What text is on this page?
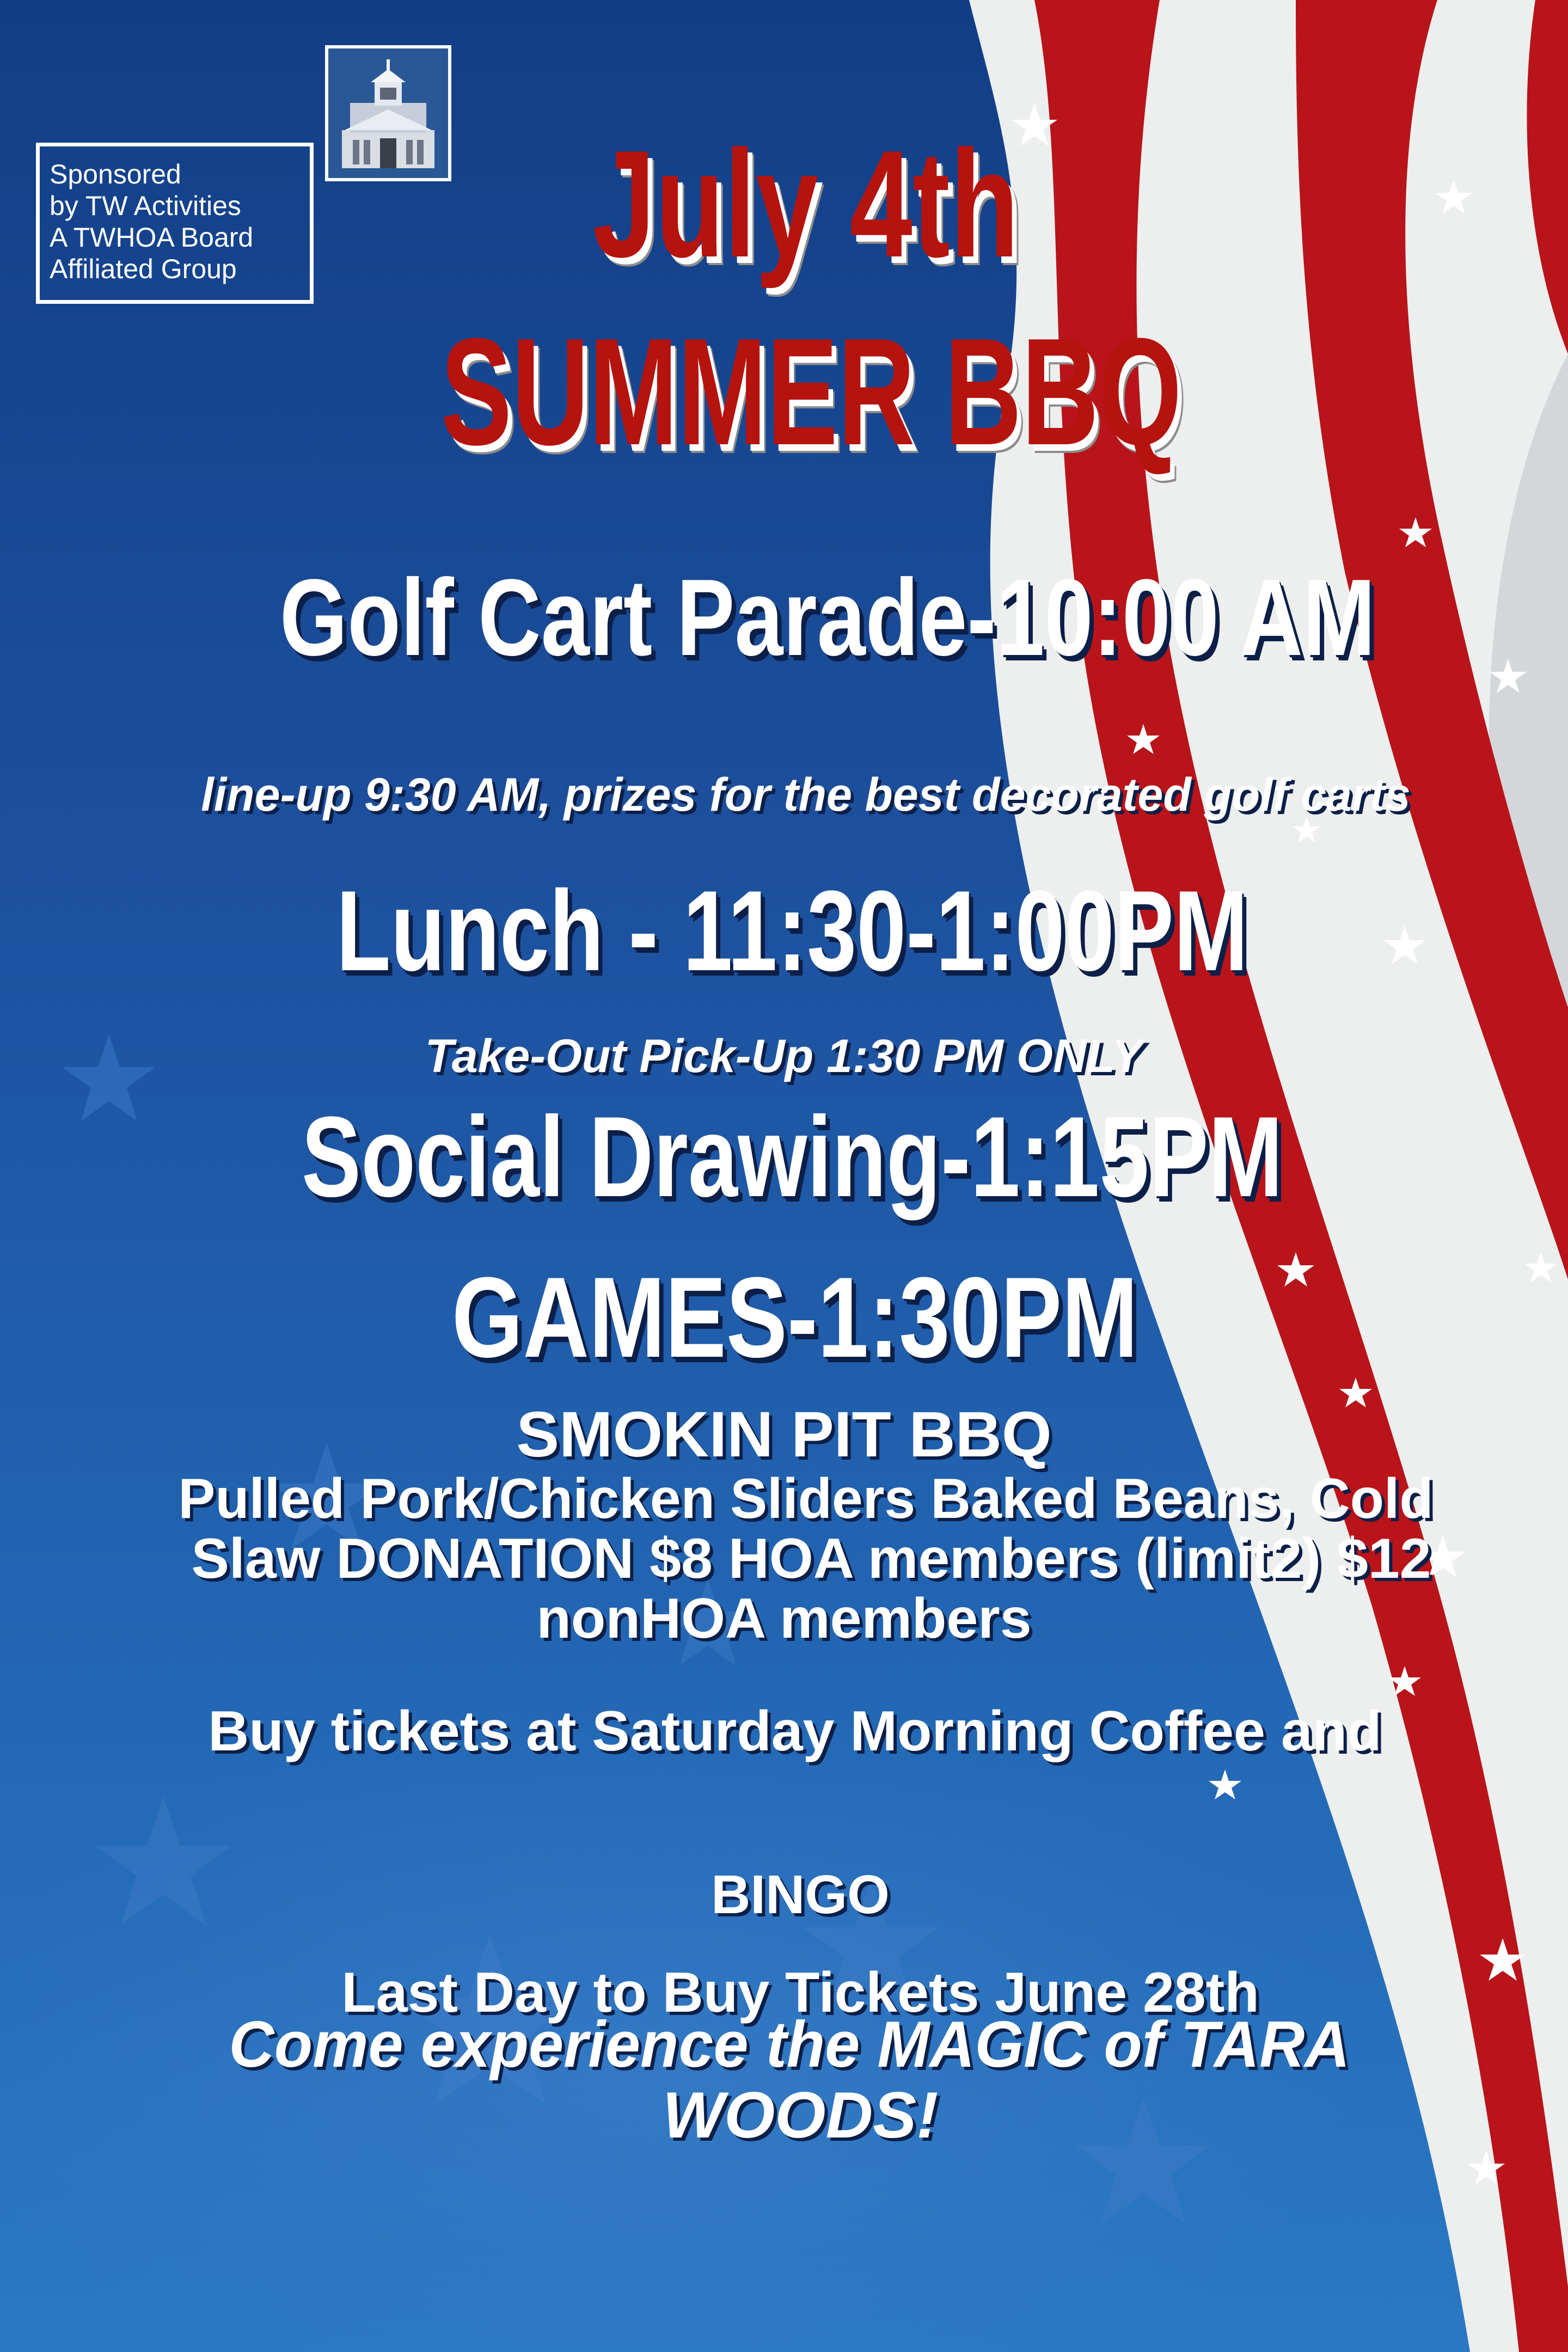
Sponsored
by TW Activities
A TWHOA Board
Affiliated Group	July 4th
SUMMER BBQ
Golf Cart Parade-10:00 AM
line-up 9:30 AM, prizes for the best decorated golf carts
Lunch - 11:30-1:00PM
Take-Out Pick-Up 1:30 PM ONLY
Social Drawing-1:15PM
GAMES-1:30PM
SMOKIN PIT BBQ
Pulled Pork/Chicken Sliders Baked Beans, Cold
Slaw DONATION $8 HOA members (limit2) $12
nonHOA members
Buy tickets at Saturday Morning Coffee and
BINGO
Last Day to Buy Tickets June 28th
Come experience the MAGIC of TARA
WOODS!
